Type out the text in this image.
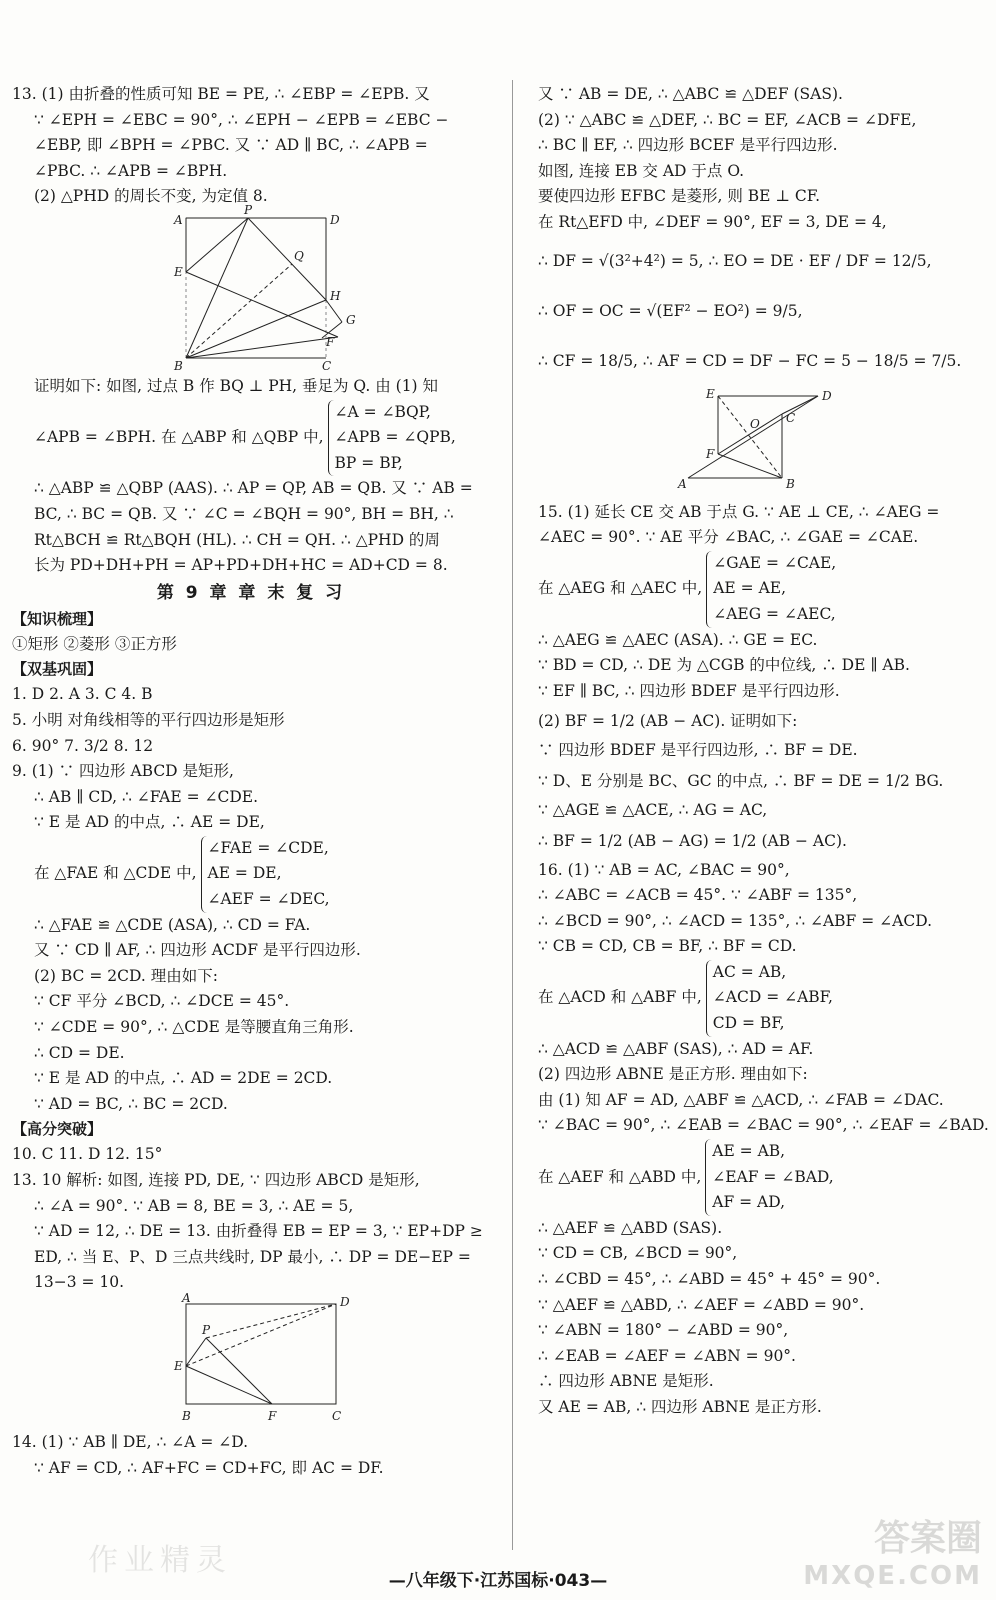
13. (1) 由折叠的性质可知 BE = PE, ∴ ∠EBP = ∠EPB. 又
∵ ∠EPH = ∠EBC = 90°, ∴ ∠EPH − ∠EPB = ∠EBC −
∠EBP, 即 ∠BPH = ∠PBC. 又 ∵ AD ∥ BC, ∴ ∠APB =
∠PBC. ∴ ∠APB = ∠BPH.
(2) △PHD 的周长不变, 为定值 8.
A
P
D
Q
E
H
G
F
B	C
证明如下: 如图, 过点 B 作 BQ ⊥ PH, 垂足为 Q. 由 (1) 知
∠APB = ∠BPH. 在 △ABP 和 △QBP 中,
∠A = ∠BQP,
∠APB = ∠QPB,
BP = BP,
∴ △ABP ≌ △QBP (AAS). ∴ AP = QP, AB = QB. 又 ∵ AB =
BC, ∴ BC = QB. 又 ∵ ∠C = ∠BQH = 90°, BH = BH, ∴
Rt△BCH ≌ Rt△BQH (HL). ∴ CH = QH. ∴ △PHD 的周
长为 PD+DH+PH = AP+PD+DH+HC = AD+CD = 8.
第 9 章 章 末 复 习
【知识梳理】
①矩形 ②菱形 ③正方形
【双基巩固】
1. D 2. A 3. C 4. B
5. 小明 对角线相等的平行四边形是矩形
6. 90° 7. 3/2 8. 12
9. (1) ∵ 四边形 ABCD 是矩形,
∴ AB ∥ CD, ∴ ∠FAE = ∠CDE.
∵ E 是 AD 的中点, ∴ AE = DE,
在 △FAE 和 △CDE 中,
∠FAE = ∠CDE,
AE = DE,
∠AEF = ∠DEC,
∴ △FAE ≌ △CDE (ASA), ∴ CD = FA.
又 ∵ CD ∥ AF, ∴ 四边形 ACDF 是平行四边形.
(2) BC = 2CD. 理由如下:
∵ CF 平分 ∠BCD, ∴ ∠DCE = 45°.
∵ ∠CDE = 90°, ∴ △CDE 是等腰直角三角形.
∴ CD = DE.
∵ E 是 AD 的中点, ∴ AD = 2DE = 2CD.
∵ AD = BC, ∴ BC = 2CD.
【高分突破】
10. C 11. D 12. 15°
13. 10 解析: 如图, 连接 PD, DE, ∵ 四边形 ABCD 是矩形,
∴ ∠A = 90°. ∵ AB = 8, BE = 3, ∴ AE = 5,
∵ AD = 12, ∴ DE = 13. 由折叠得 EB = EP = 3, ∵ EP+DP ≥
ED, ∴ 当 E、P、D 三点共线时, DP 最小, ∴ DP = DE−EP =
13−3 = 10.
A	D
P
E
B	F	C
14. (1) ∵ AB ∥ DE, ∴ ∠A = ∠D.
∵ AF = CD, ∴ AF+FC = CD+FC, 即 AC = DF.
又 ∵ AB = DE, ∴ △ABC ≌ △DEF (SAS).
(2) ∵ △ABC ≌ △DEF, ∴ BC = EF, ∠ACB = ∠DFE,
∴ BC ∥ EF, ∴ 四边形 BCEF 是平行四边形.
如图, 连接 EB 交 AD 于点 O.
要使四边形 EFBC 是菱形, 则 BE ⊥ CF.
在 Rt△EFD 中, ∠DEF = 90°, EF = 3, DE = 4,
∴ DF = √(3²+4²) = 5, ∴ EO = DE · EF / DF = 12/5,
∴ OF = OC = √(EF² − EO²) = 9/5,
∴ CF = 18/5, ∴ AF = CD = DF − FC = 5 − 18/5 = 7/5.
E	D
O C
F
A	B
15. (1) 延长 CE 交 AB 于点 G. ∵ AE ⊥ CE, ∴ ∠AEG =
∠AEC = 90°. ∵ AE 平分 ∠BAC, ∴ ∠GAE = ∠CAE.
在 △AEG 和 △AEC 中,
∠GAE = ∠CAE,
AE = AE,
∠AEG = ∠AEC,
∴ △AEG ≌ △AEC (ASA). ∴ GE = EC.
∵ BD = CD, ∴ DE 为 △CGB 的中位线, ∴ DE ∥ AB.
∵ EF ∥ BC, ∴ 四边形 BDEF 是平行四边形.
(2) BF = 1/2 (AB − AC). 证明如下:
∵ 四边形 BDEF 是平行四边形, ∴ BF = DE.
∵ D、E 分别是 BC、GC 的中点, ∴ BF = DE = 1/2 BG.
∵ △AGE ≌ △ACE, ∴ AG = AC,
∴ BF = 1/2 (AB − AG) = 1/2 (AB − AC).
16. (1) ∵ AB = AC, ∠BAC = 90°,
∴ ∠ABC = ∠ACB = 45°. ∵ ∠ABF = 135°,
∴ ∠BCD = 90°, ∴ ∠ACD = 135°, ∴ ∠ABF = ∠ACD.
∵ CB = CD, CB = BF, ∴ BF = CD.
在 △ACD 和 △ABF 中,
AC = AB,
∠ACD = ∠ABF,
CD = BF,
∴ △ACD ≌ △ABF (SAS), ∴ AD = AF.
(2) 四边形 ABNE 是正方形. 理由如下:
由 (1) 知 AF = AD, △ABF ≌ △ACD, ∴ ∠FAB = ∠DAC.
∵ ∠BAC = 90°, ∴ ∠EAB = ∠BAC = 90°, ∴ ∠EAF = ∠BAD.
在 △AEF 和 △ABD 中,
AE = AB,
∠EAF = ∠BAD,
AF = AD,
∴ △AEF ≌ △ABD (SAS).
∵ CD = CB, ∠BCD = 90°,
∴ ∠CBD = 45°, ∴ ∠ABD = 45° + 45° = 90°.
∵ △AEF ≌ △ABD, ∴ ∠AEF = ∠ABD = 90°.
∵ ∠ABN = 180° − ∠ABD = 90°,
∴ ∠EAB = ∠AEF = ∠ABN = 90°.
∴ 四边形 ABNE 是矩形.
又 AE = AB, ∴ 四边形 ABNE 是正方形.
—八年级下·江苏国标·043—
作业精灵
答案圈
MXQE.COM
